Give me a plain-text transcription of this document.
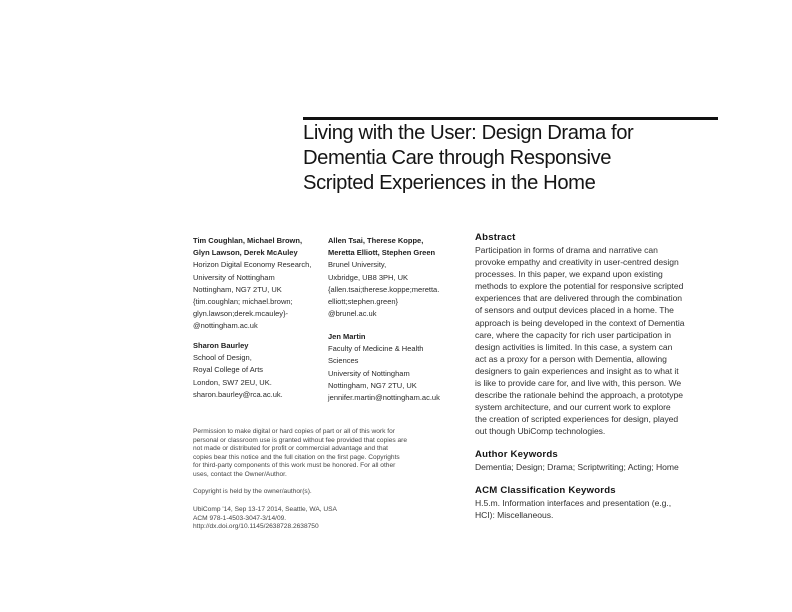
Living with the User: Design Drama for
Dementia Care through Responsive
Scripted Experiences in the Home
Tim Coughlan, Michael Brown,
Glyn Lawson, Derek McAuley
Horizon Digital Economy Research,
University of Nottingham
Nottingham, NG7 2TU, UK
{tim.coughlan; michael.brown;
glyn.lawson;derek.mcauley}-
@nottingham.ac.uk
Allen Tsai, Therese Koppe,
Meretta Elliott, Stephen Green
Brunel University,
Uxbridge, UB8 3PH, UK
{allen.tsai;therese.koppe;meretta.
elliott;stephen.green}
@brunel.ac.uk
Sharon Baurley
School of Design,
Royal College of Arts
London, SW7 2EU, UK.
sharon.baurley@rca.ac.uk.
Jen Martin
Faculty of Medicine & Health
Sciences
University of Nottingham
Nottingham, NG7 2TU, UK
jennifer.martin@nottingham.ac.uk
Permission to make digital or hard copies of part or all of this work for
personal or classroom use is granted without fee provided that copies are
not made or distributed for profit or commercial advantage and that
copies bear this notice and the full citation on the first page. Copyrights
for third-party components of this work must be honored. For all other
uses, contact the Owner/Author.
Copyright is held by the owner/author(s).
UbiComp '14, Sep 13-17 2014, Seattle, WA, USA
ACM 978-1-4503-3047-3/14/09.
http://dx.doi.org/10.1145/2638728.2638750
Abstract
Participation in forms of drama and narrative can
provoke empathy and creativity in user-centred design
processes. In this paper, we expand upon existing
methods to explore the potential for responsive scripted
experiences that are delivered through the combination
of sensors and output devices placed in a home. The
approach is being developed in the context of Dementia
care, where the capacity for rich user participation in
design activities is limited. In this case, a system can
act as a proxy for a person with Dementia, allowing
designers to gain experiences and insight as to what it
is like to provide care for, and live with, this person. We
describe the rationale behind the approach, a prototype
system architecture, and our current work to explore
the creation of scripted experiences for design, played
out though UbiComp technologies.
Author Keywords
Dementia; Design; Drama; Scriptwriting; Acting; Home
ACM Classification Keywords
H.5.m. Information interfaces and presentation (e.g.,
HCI): Miscellaneous.
